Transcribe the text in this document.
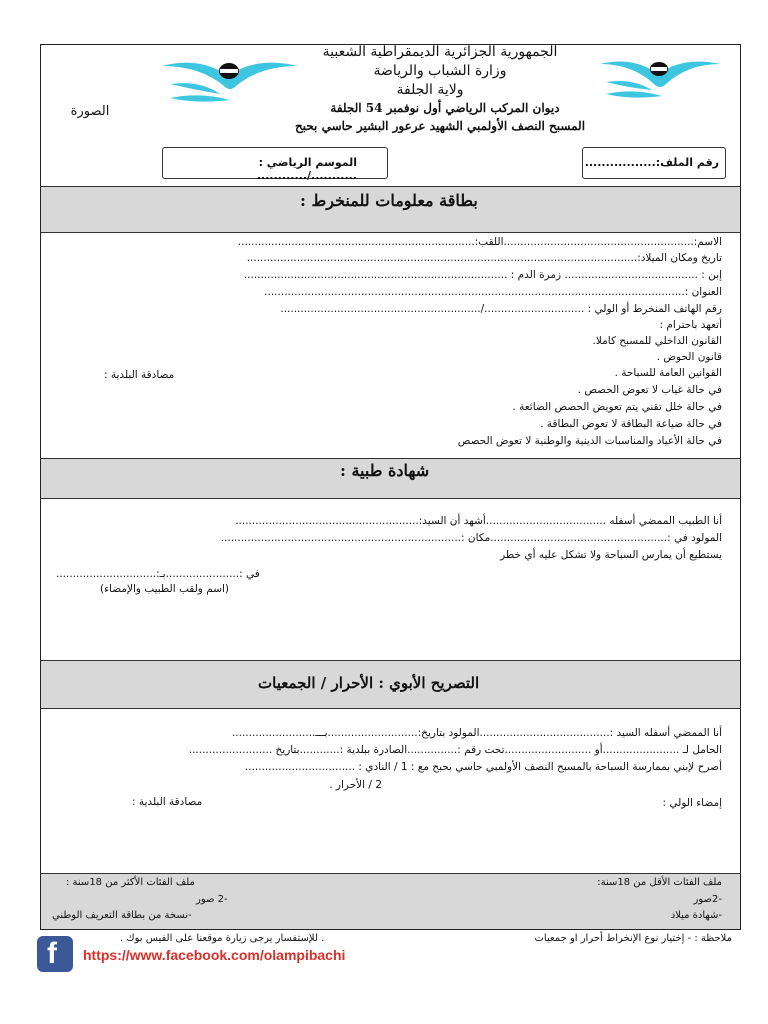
الجمهورية الجزائرية الديمقراطية الشعبية
وزارة الشباب والرياضة
ولاية الجلفة
ديوان المركب الرياضي أول نوفمبر 54 الجلفة
المسبح النصف الأولمبي الشهيد عرعور البشير حاسي بحبح
الصورة
الموسم الرياضي : .........../............
رقم الملف:.................
بطاقة معلومات للمنخرط :
الاسم:.........................................................اللقب:.......................................................................
تاريخ ومكان الميلاد:.....................................................................................................................
إبن : ........................................ زمرة الدم : ...............................................................................
العنوان :..............................................................................................................................
رقم الهاتف المنخرط أو الولي : ............................../............................................................
أتعهد باحترام :
القانون الداخلي للمسبح كاملا.
قانون الحوض .
القوانين العامة للسباحة .
في حالة غياب لا تعوض الحصص .
في حالة خلل تقني يتم تعويض الحصص الضائعة .
في حالة ضياعة البطاقة لا تعوض البطاقة .
في حالة الأعياد والمناسبات الدينية والوطنية لا تعوض الحصص
مصادقة البلدية :
شهادة طبية :
أنا الطبيب الممضي أسفله ....................................أشهد أن السيد:.......................................................
المولود في :.....................................................مكان :........................................................................
يستطيع أن يمارس السباحة ولا تشكل عليه أي خطر
في :......................بـ:..............................
(اسم ولقب الطبيب والإمضاء)
التصريح الأبوي : الأحرار / الجمعيات
أنا الممضي أسفله السيد :.......................................المولود بتاريخ:...........................بـــ.........................
الحامل لـ .......................أو ..........................تحت رقم :...............الصادرة ببلدية :............بتاريخ .........................
أصرح لإبني بممارسة السباحة بالمسبح النصف الأولمبي حاسي بحبح مع : 1 / النادي : .................................
2 / الأحرار .
إمضاء الولي :
مصادقة البلدية :
ملف الفئات الأقل من 18سنة:
-2صور
-شهادة ميلاد
ملف الفئات الأكثر من 18سنة :
-2 صور
-نسخة من بطاقة التعريف الوطني
ملاحظة : - إختيار نوع الإنخراط أحرار او جمعيات
. للإستفسار يرجى زيارة موقعنا على الفيس بوك .
f https://www.facebook.com/olampibachi
